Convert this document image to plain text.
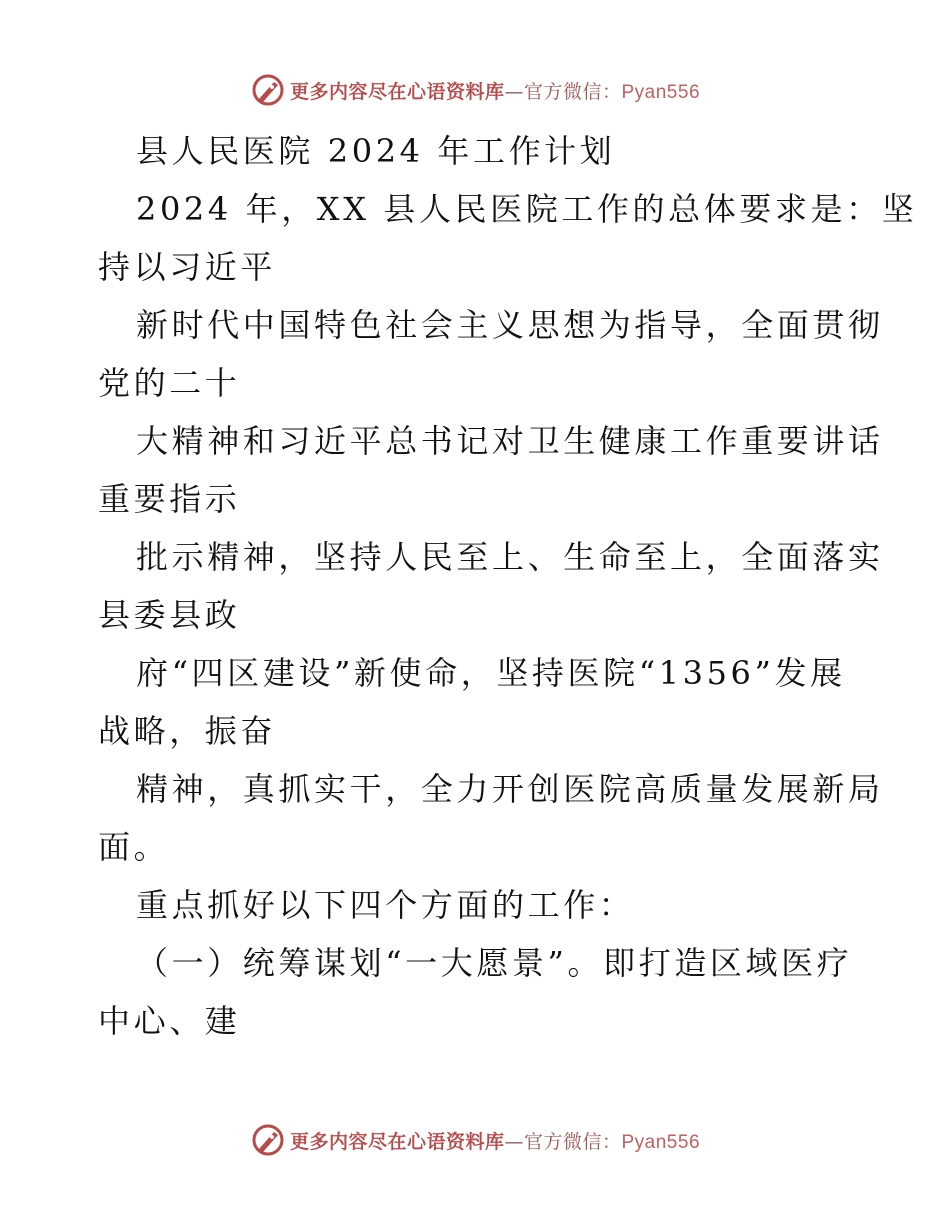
更多内容尽在心语资料库—官方微信：Pyan556
县人民医院 2024 年工作计划
2024 年，XX 县人民医院工作的总体要求是：坚
持以习近平
新时代中国特色社会主义思想为指导，全面贯彻
党的二十
大精神和习近平总书记对卫生健康工作重要讲话
重要指示
批示精神，坚持人民至上、生命至上，全面落实
县委县政
府“四区建设”新使命，坚持医院“1356”发展
战略，振奋
精神，真抓实干，全力开创医院高质量发展新局
面。
重点抓好以下四个方面的工作：
（一）统筹谋划“一大愿景”。即打造区域医疗
中心、建
更多内容尽在心语资料库—官方微信：Pyan556
